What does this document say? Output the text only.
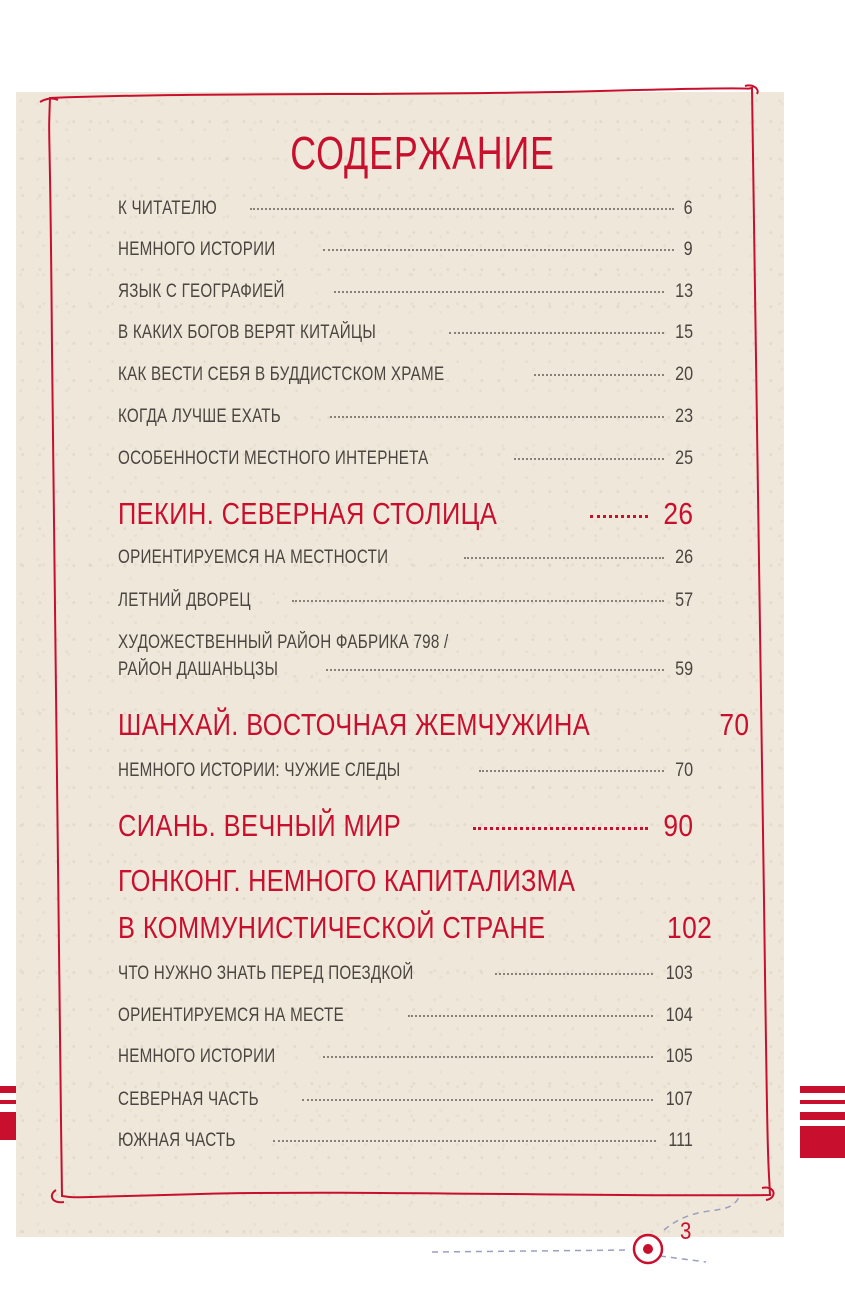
СОДЕРЖАНИЕ
К ЧИТАТЕЛЮ	6
НЕМНОГО ИСТОРИИ	9
ЯЗЫК С ГЕОГРАФИЕЙ	13
В КАКИХ БОГОВ ВЕРЯТ КИТАЙЦЫ	15
КАК ВЕСТИ СЕБЯ В БУДДИСТСКОМ ХРАМЕ	20
КОГДА ЛУЧШЕ ЕХАТЬ	23
ОСОБЕННОСТИ МЕСТНОГО ИНТЕРНЕТА	25
ПЕКИН. СЕВЕРНАЯ СТОЛИЦА	26
ОРИЕНТИРУЕМСЯ НА МЕСТНОСТИ	26
ЛЕТНИЙ ДВОРЕЦ	57
ХУДОЖЕСТВЕННЫЙ РАЙОН ФАБРИКА 798 /
РАЙОН ДАШАНЬЦЗЫ	59
ШАНХАЙ. ВОСТОЧНАЯ ЖЕМЧУЖИНА	70
НЕМНОГО ИСТОРИИ: ЧУЖИЕ СЛЕДЫ	70
СИАНЬ. ВЕЧНЫЙ МИР	90
ГОНКОНГ. НЕМНОГО КАПИТАЛИЗМА
В КОММУНИСТИЧЕСКОЙ СТРАНЕ	102
ЧТО НУЖНО ЗНАТЬ ПЕРЕД ПОЕЗДКОЙ	103
ОРИЕНТИРУЕМСЯ НА МЕСТЕ	104
НЕМНОГО ИСТОРИИ	105
СЕВЕРНАЯ ЧАСТЬ	107
ЮЖНАЯ ЧАСТЬ	111
3
